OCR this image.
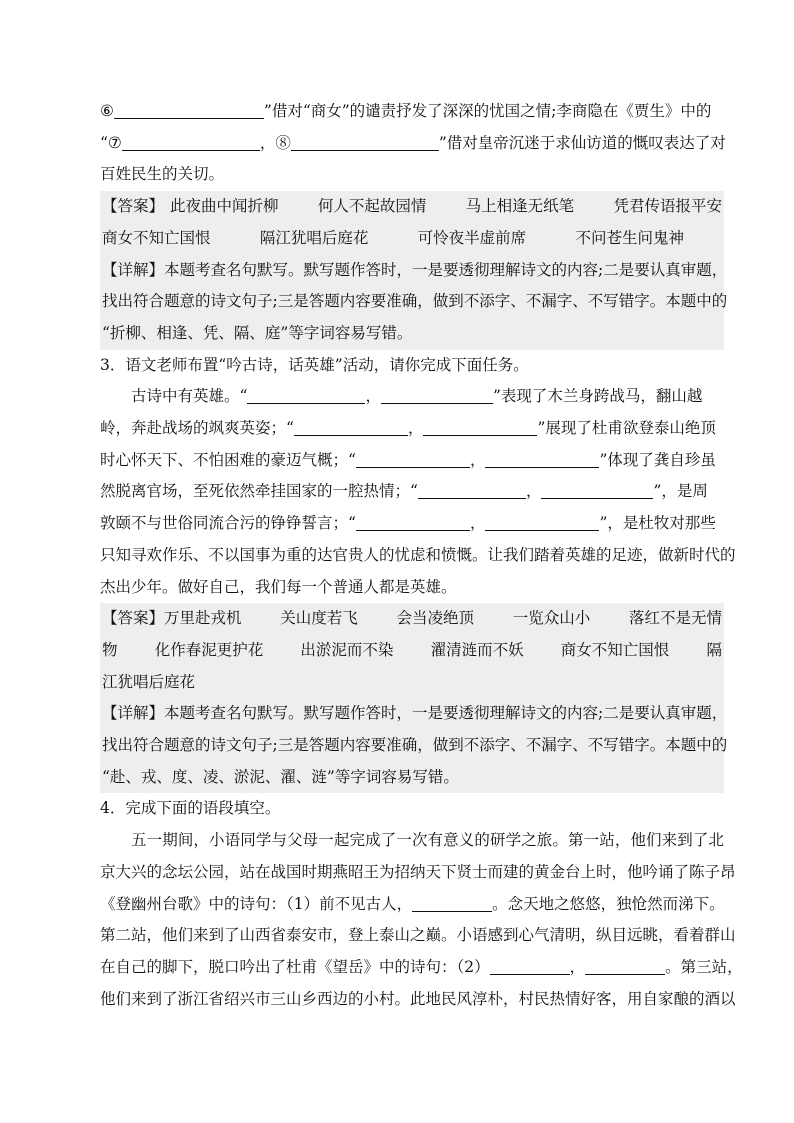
⑥	”借对“商女”的谴责抒发了深深的忧国之情;李商隐在《贾生》中的
“⑦	，⑧	”借对皇帝沉迷于求仙访道的慨叹表达了对
百姓民生的关切。
【答案】 此夜曲中闻折柳	何人不起故园情	马上相逢无纸笔	凭君传语报平安
商女不知亡国恨	隔江犹唱后庭花	可怜夜半虚前席	不问苍生问鬼神
【详解】本题考查名句默写。默写题作答时，一是要透彻理解诗文的内容;二是要认真审题，
找出符合题意的诗文句子;三是答题内容要准确，做到不添字、不漏字、不写错字。本题中的
“折柳、相逢、凭、隔、庭”等字词容易写错。
3．语文老师布置“吟古诗，话英雄”活动，请你完成下面任务。
古诗中有英雄。“	，	”表现了木兰身跨战马，翻山越
岭，奔赴战场的飒爽英姿；“	，	”展现了杜甫欲登泰山绝顶
时心怀天下、不怕困难的豪迈气概；“	，	”体现了龚自珍虽
然脱离官场，至死依然牵挂国家的一腔热情；“	，	”，是周
敦颐不与世俗同流合污的铮铮誓言；“	，	”，是杜牧对那些
只知寻欢作乐、不以国事为重的达官贵人的忧虑和愤慨。让我们踏着英雄的足迹，做新时代的
杰出少年。做好自己，我们每一个普通人都是英雄。
【答案】万里赴戎机 关山度若飞 会当凌绝顶 一览众山小 落红不是无情
物 化作春泥更护花 出淤泥而不染 濯清涟而不妖 商女不知亡国恨 隔
江犹唱后庭花
【详解】本题考查名句默写。默写题作答时，一是要透彻理解诗文的内容;二是要认真审题，
找出符合题意的诗文句子;三是答题内容要准确，做到不添字、不漏字、不写错字。本题中的
“赴、戎、度、凌、淤泥、濯、涟”等字词容易写错。
4．完成下面的语段填空。
五一期间，小语同学与父母一起完成了一次有意义的研学之旅。第一站，他们来到了北
京大兴的念坛公园，站在战国时期燕昭王为招纳天下贤士而建的黄金台上时，他吟诵了陈子昂
《登幽州台歌》中的诗句：（1）前不见古人，	。念天地之悠悠，独怆然而涕下。
第二站，他们来到了山西省泰安市，登上泰山之巅。小语感到心气清明，纵目远眺，看着群山
在自己的脚下，脱口吟出了杜甫《望岳》中的诗句：（2）	，	。第三站，
他们来到了浙江省绍兴市三山乡西边的小村。此地民风淳朴，村民热情好客，用自家酿的酒以
